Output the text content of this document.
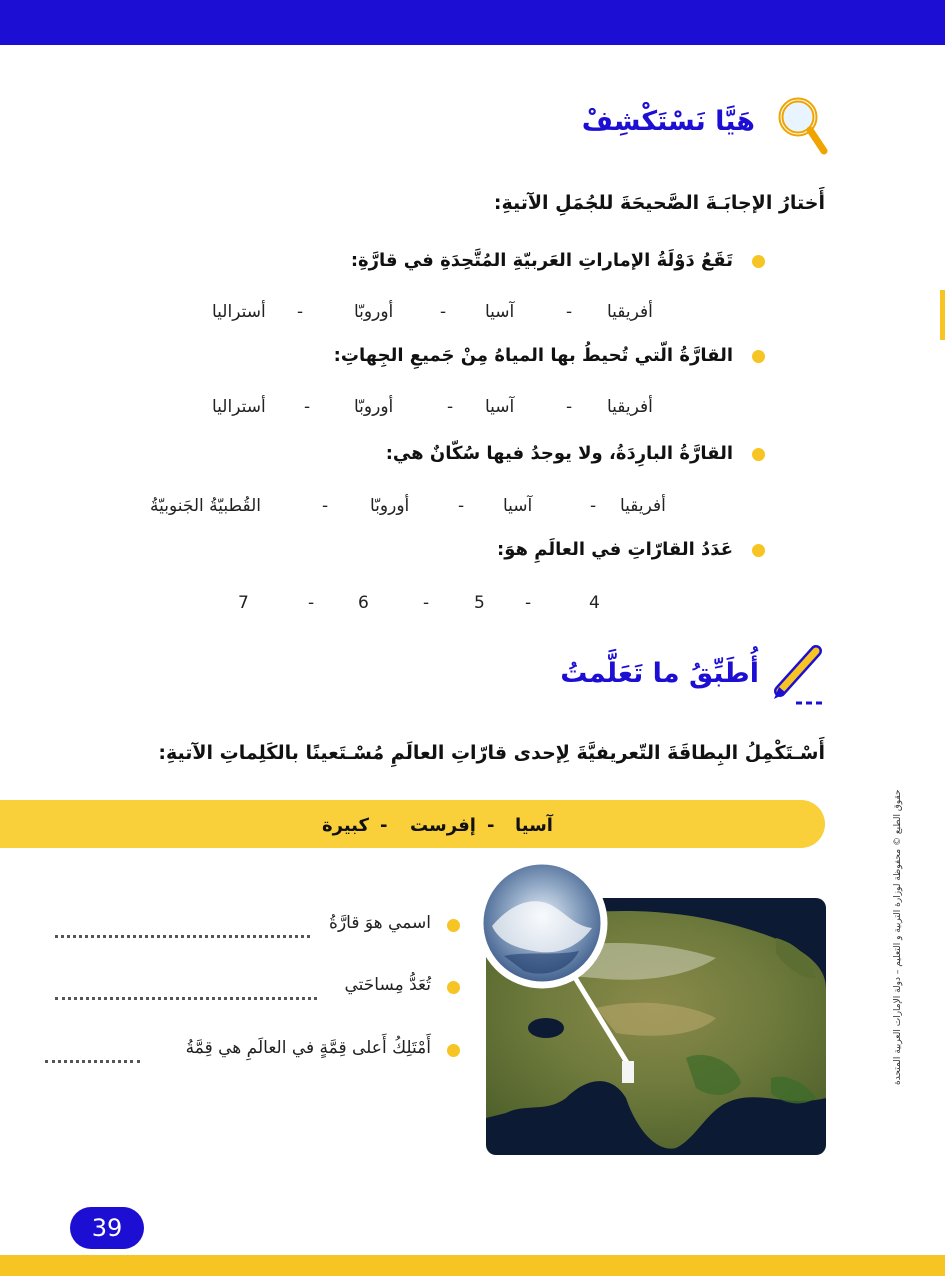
هَيَّا نَسْتَكْشِفْ
أَختارُ الإجابَـةَ الصَّحيحَةَ للجُمَلِ الآتيةِ:
تَقَعُ دَوْلَةُ الإماراتِ العَربيّةِ المُتَّحِدَةِ في قارَّةِ:
أفريقيا
-
آسيا
-
أوروبّا
-
أستراليا
القارَّةُ الّتي تُحيطُ بها المياهُ مِنْ جَميعِ الجِهاتِ:
أفريقيا
-
آسيا
-
أوروبّا
-
أستراليا
القارَّةُ البارِدَةُ، ولا يوجدُ فيها سُكّانٌ هي:
أفريقيا
-
آسيا
-
أوروبّا
-
القُطبيّةُ الجَنوبيّةُ
عَدَدُ القارّاتِ في العالَمِ هوَ:
4
-
5
-
6
-
7
أُطَبِّقُ ما تَعَلَّمتُ
أَسْـتَكْمِلُ البِطاقَةَ التّعريفيَّةَ لِإحدى قارّاتِ العالَمِ مُسْـتَعينًا بالكَلِماتِ الآتيةِ:
آسيا
-
إفرست
-
كبيرة
اسمي هوَ قارَّةُ
تُعَدُّ مِساحَتي
أَمْتَلِكُ أَعلى قِمَّةٍ في العالَمِ هي قِمَّةُ	حقوق الطبع © محفوظة لوزارة التربية و التعليم – دولة الإمارات العربية المتحدة
39
